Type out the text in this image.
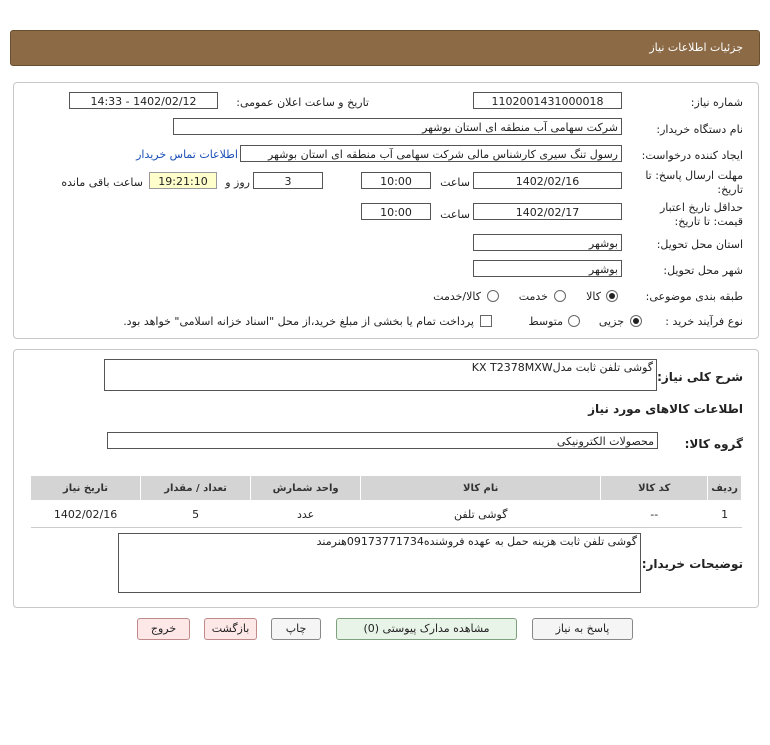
جزئیات اطلاعات نیاز
شماره نیاز:
1102001431000018
تاریخ و ساعت اعلان عمومی:
1402/02/12 - 14:33
نام دستگاه خریدار:
شرکت سهامی آب منطقه ای استان بوشهر
ایجاد کننده درخواست:
رسول تنگ سیری کارشناس مالی شرکت سهامی آب منطقه ای استان بوشهر
اطلاعات تماس خریدار
مهلت ارسال پاسخ: تا
تاریخ:
1402/02/16
ساعت
10:00
3
روز و
19:21:10
ساعت باقی مانده
حداقل تاریخ اعتبار
قیمت: تا تاریخ:
1402/02/17
ساعت
10:00
استان محل تحویل:
بوشهر
شهر محل تحویل:
بوشهر
طبقه بندی موضوعی:
کالا
خدمت
کالا/خدمت
نوع فرآیند خرید :
جزیی
متوسط
پرداخت تمام یا بخشی از مبلغ خرید،از محل "اسناد خزانه اسلامی" خواهد بود.
شرح کلی نیاز:
گوشی تلفن ثابت مدلKX T2378MXW
اطلاعات کالاهای مورد نیاز
گروه کالا:
محصولات الکترونیکی
ردیف	کد کالا	نام کالا	واحد شمارش	تعداد / مقدار	تاریخ نیاز
1	--	گوشی تلفن	عدد	5	1402/02/16
توضیحات خریدار:
گوشی تلفن ثابت هزینه حمل به عهده فروشنده09173771734هنرمند
پاسخ به نیاز
مشاهده مدارک پیوستی (0)
چاپ
بازگشت
خروج
